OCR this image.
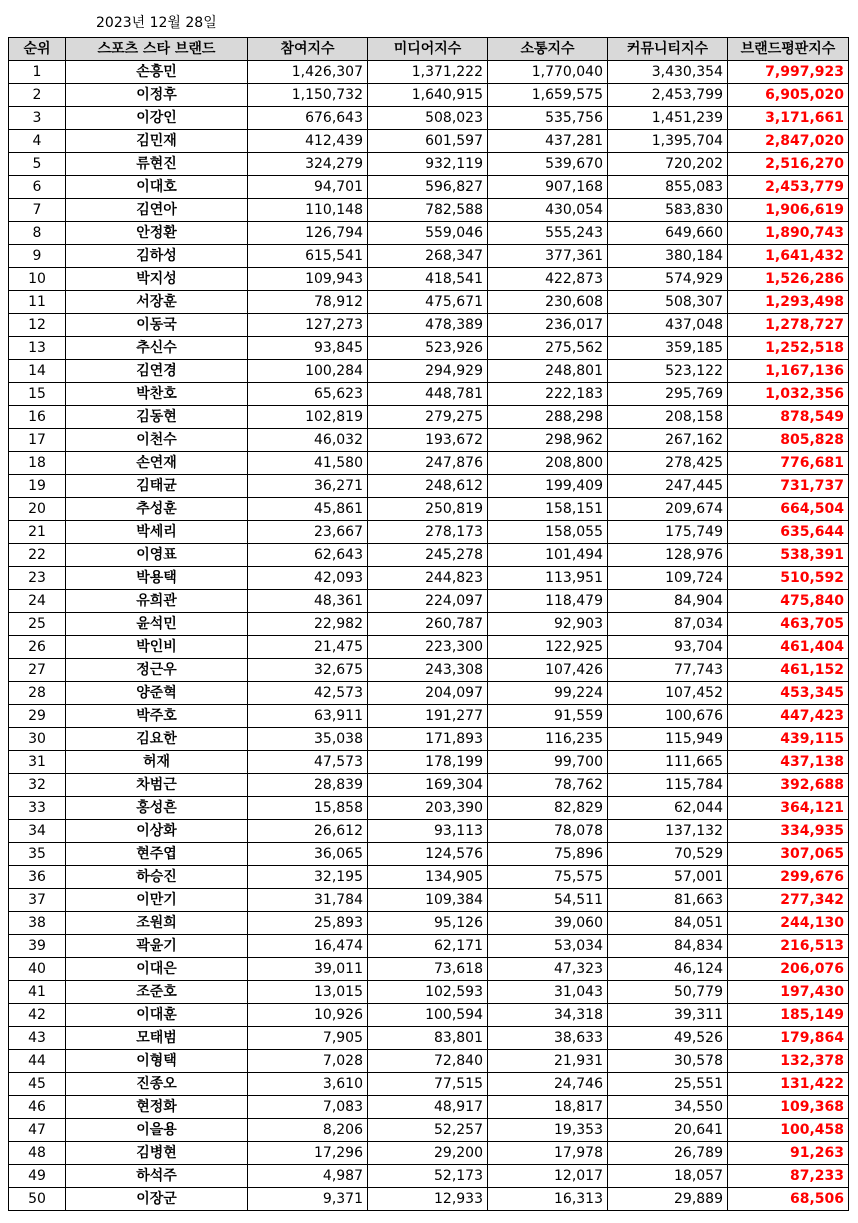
2023년 12월 28일
순위	스포츠 스타 브랜드	참여지수	미디어지수	소통지수	커뮤니티지수	브랜드평판지수
1	손흥민	1,426,307	1,371,222	1,770,040	3,430,354	7,997,923
2	이정후	1,150,732	1,640,915	1,659,575	2,453,799	6,905,020
3	이강인	676,643	508,023	535,756	1,451,239	3,171,661
4	김민재	412,439	601,597	437,281	1,395,704	2,847,020
5	류현진	324,279	932,119	539,670	720,202	2,516,270
6	이대호	94,701	596,827	907,168	855,083	2,453,779
7	김연아	110,148	782,588	430,054	583,830	1,906,619
8	안정환	126,794	559,046	555,243	649,660	1,890,743
9	김하성	615,541	268,347	377,361	380,184	1,641,432
10	박지성	109,943	418,541	422,873	574,929	1,526,286
11	서장훈	78,912	475,671	230,608	508,307	1,293,498
12	이동국	127,273	478,389	236,017	437,048	1,278,727
13	추신수	93,845	523,926	275,562	359,185	1,252,518
14	김연경	100,284	294,929	248,801	523,122	1,167,136
15	박찬호	65,623	448,781	222,183	295,769	1,032,356
16	김동현	102,819	279,275	288,298	208,158	878,549
17	이천수	46,032	193,672	298,962	267,162	805,828
18	손연재	41,580	247,876	208,800	278,425	776,681
19	김태균	36,271	248,612	199,409	247,445	731,737
20	추성훈	45,861	250,819	158,151	209,674	664,504
21	박세리	23,667	278,173	158,055	175,749	635,644
22	이영표	62,643	245,278	101,494	128,976	538,391
23	박용택	42,093	244,823	113,951	109,724	510,592
24	유희관	48,361	224,097	118,479	84,904	475,840
25	윤석민	22,982	260,787	92,903	87,034	463,705
26	박인비	21,475	223,300	122,925	93,704	461,404
27	정근우	32,675	243,308	107,426	77,743	461,152
28	양준혁	42,573	204,097	99,224	107,452	453,345
29	박주호	63,911	191,277	91,559	100,676	447,423
30	김요한	35,038	171,893	116,235	115,949	439,115
31	허재	47,573	178,199	99,700	111,665	437,138
32	차범근	28,839	169,304	78,762	115,784	392,688
33	홍성흔	15,858	203,390	82,829	62,044	364,121
34	이상화	26,612	93,113	78,078	137,132	334,935
35	현주엽	36,065	124,576	75,896	70,529	307,065
36	하승진	32,195	134,905	75,575	57,001	299,676
37	이만기	31,784	109,384	54,511	81,663	277,342
38	조원희	25,893	95,126	39,060	84,051	244,130
39	곽윤기	16,474	62,171	53,034	84,834	216,513
40	이대은	39,011	73,618	47,323	46,124	206,076
41	조준호	13,015	102,593	31,043	50,779	197,430
42	이대훈	10,926	100,594	34,318	39,311	185,149
43	모태범	7,905	83,801	38,633	49,526	179,864
44	이형택	7,028	72,840	21,931	30,578	132,378
45	진종오	3,610	77,515	24,746	25,551	131,422
46	현정화	7,083	48,917	18,817	34,550	109,368
47	이을용	8,206	52,257	19,353	20,641	100,458
48	김병현	17,296	29,200	17,978	26,789	91,263
49	하석주	4,987	52,173	12,017	18,057	87,233
50	이장군	9,371	12,933	16,313	29,889	68,506
